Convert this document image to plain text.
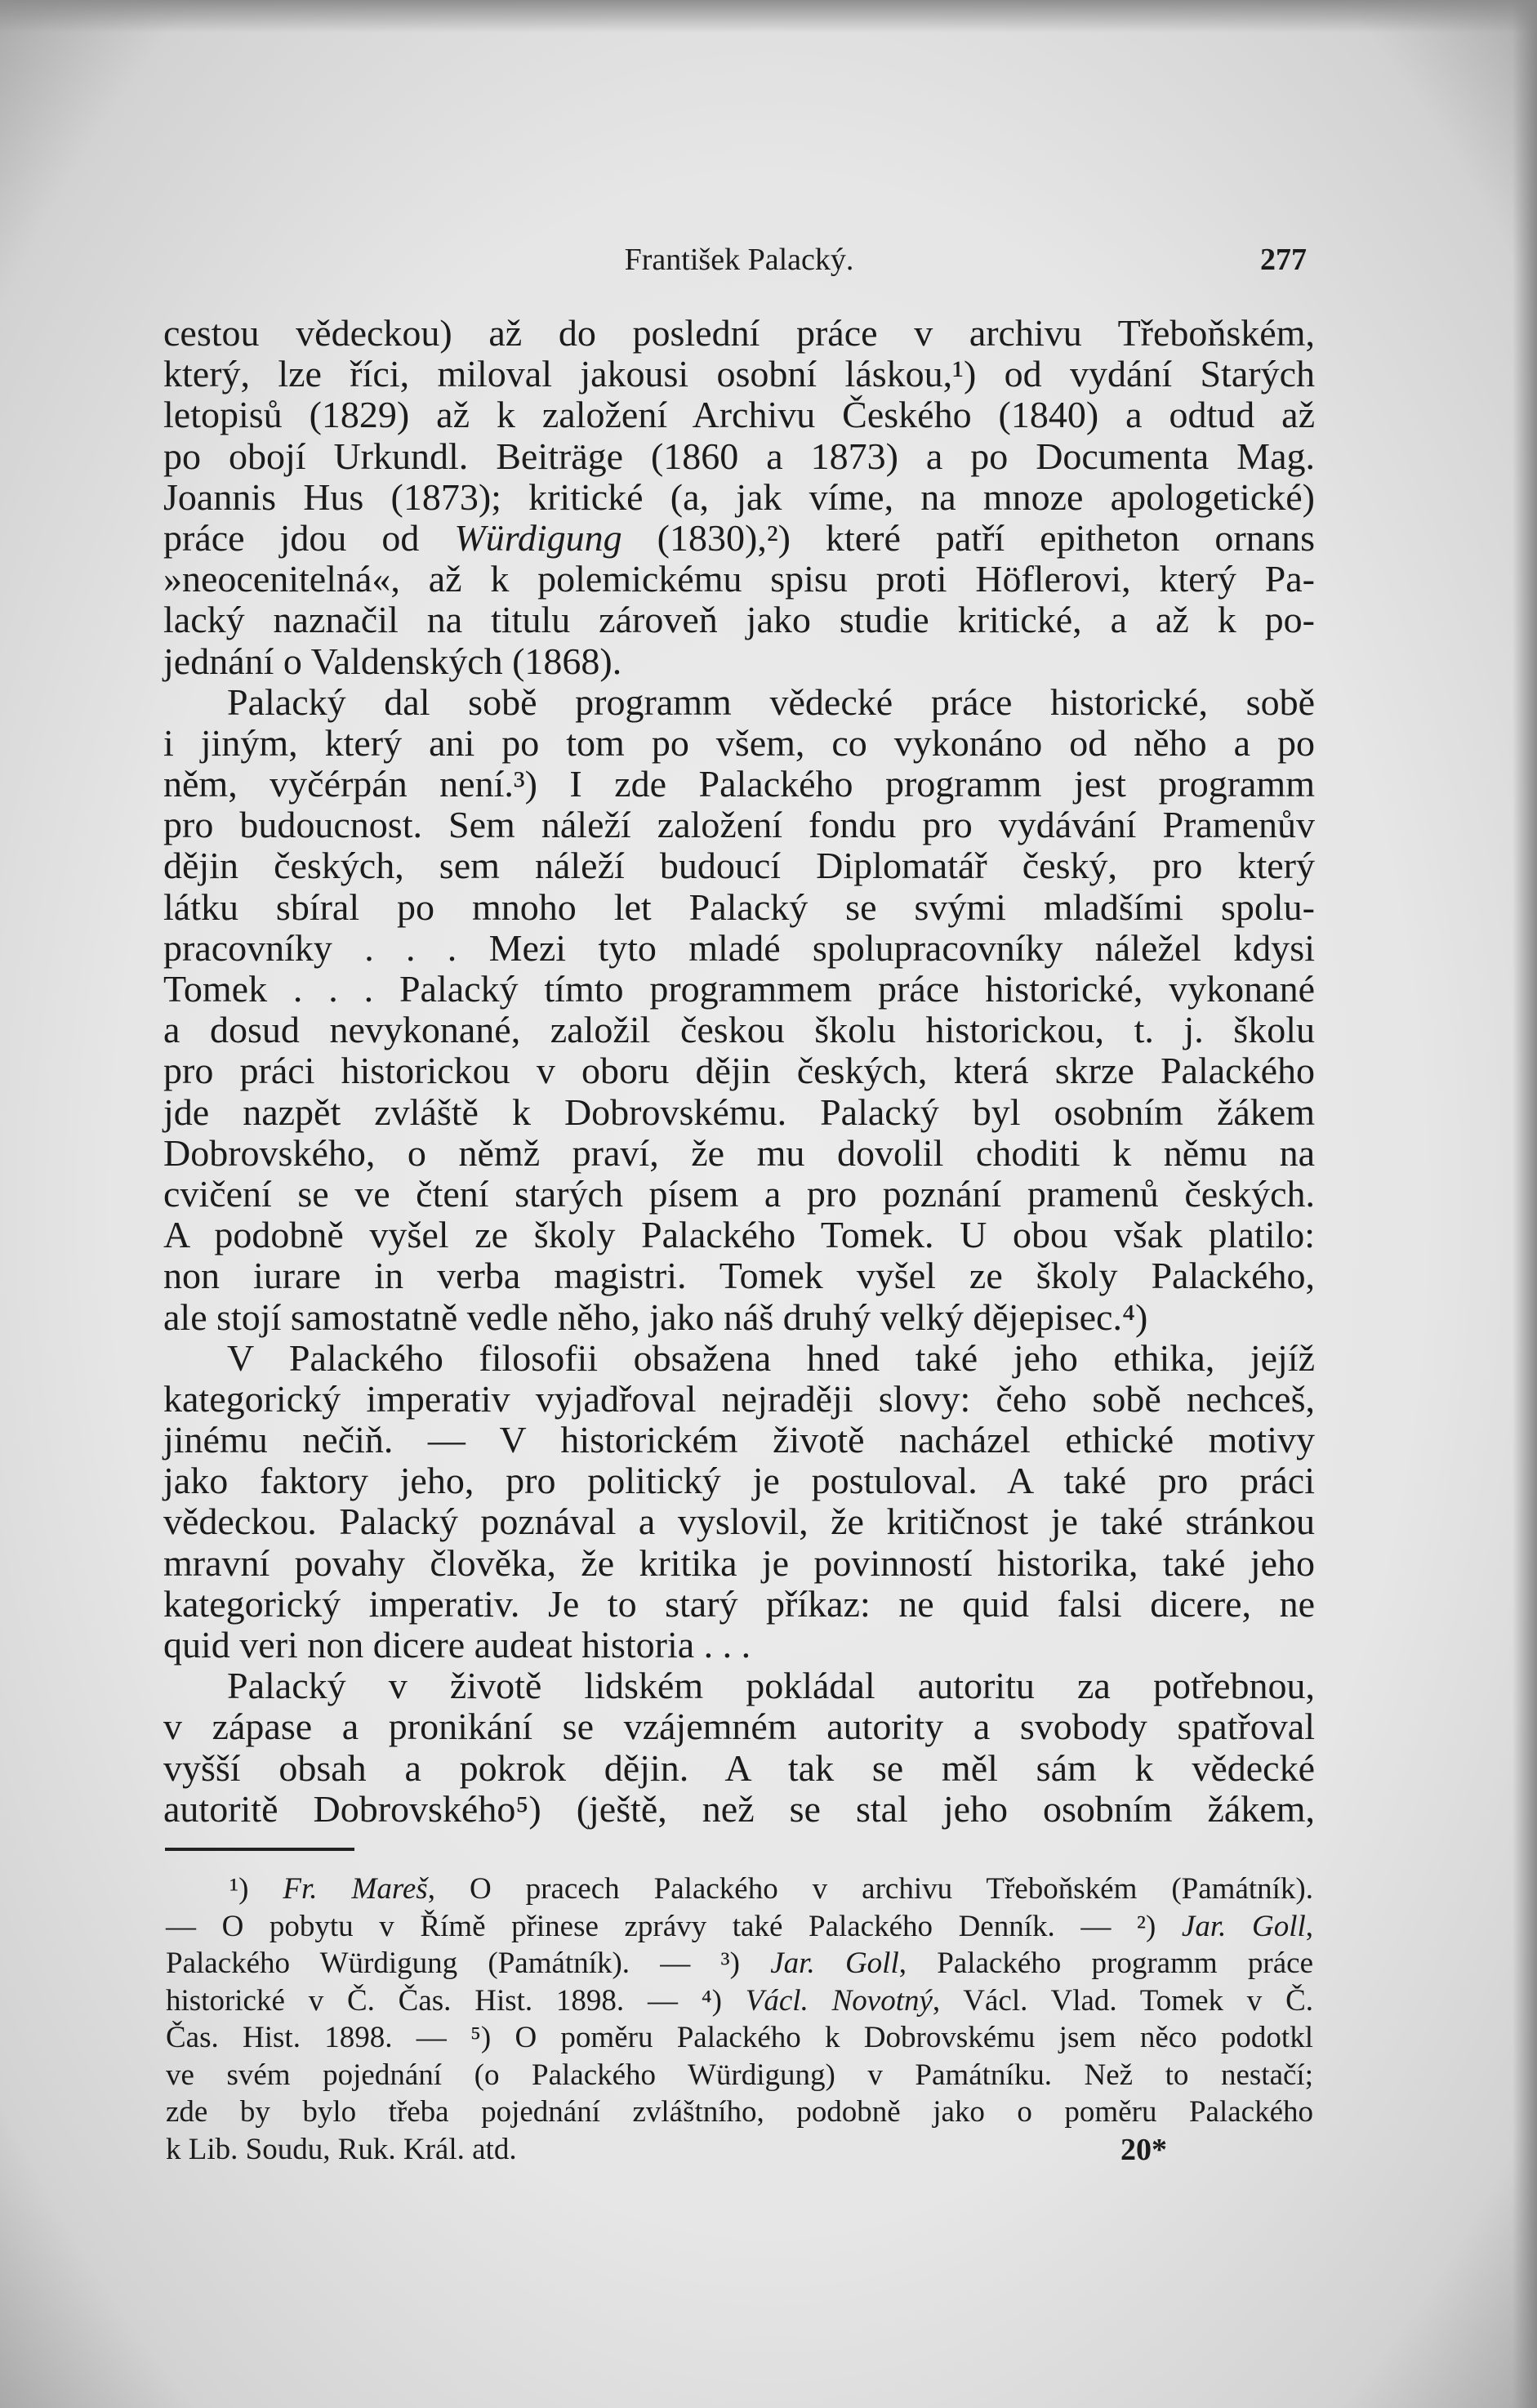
František Palacký.	277
cestou vědeckou) až do poslední práce v archivu Třeboňském,
který, lze říci, miloval jakousi osobní láskou,¹) od vydání Starých
letopisů (1829) až k založení Archivu Českého (1840) a odtud až
po obojí Urkundl. Beiträge (1860 a 1873) a po Documenta Mag.
Joannis Hus (1873); kritické (a, jak víme, na mnoze apologetické)
práce jdou od Würdigung (1830),²) které patří epitheton ornans
»neocenitelná«, až k polemickému spisu proti Höflerovi, který Pa-
lacký naznačil na titulu zároveň jako studie kritické, a až k po-
jednání o Valdenských (1868).
Palacký dal sobě programm vědecké práce historické, sobě
i jiným, který ani po tom po všem, co vykonáno od něho a po
něm, vyčérpán není.³) I zde Palackého programm jest programm
pro budoucnost. Sem náleží založení fondu pro vydávání Pramenův
dějin českých, sem náleží budoucí Diplomatář český, pro který
látku sbíral po mnoho let Palacký se svými mladšími spolu-
pracovníky . . . Mezi tyto mladé spolupracovníky náležel kdysi
Tomek . . . Palacký tímto programmem práce historické, vykonané
a dosud nevykonané, založil českou školu historickou, t. j. školu
pro práci historickou v oboru dějin českých, která skrze Palackého
jde nazpět zvláště k Dobrovskému. Palacký byl osobním žákem
Dobrovského, o němž praví, že mu dovolil choditi k němu na
cvičení se ve čtení starých písem a pro poznání pramenů českých.
A podobně vyšel ze školy Palackého Tomek. U obou však platilo:
non iurare in verba magistri. Tomek vyšel ze školy Palackého,
ale stojí samostatně vedle něho, jako náš druhý velký dějepisec.⁴)
V Palackého filosofii obsažena hned také jeho ethika, jejíž
kategorický imperativ vyjadřoval nejraději slovy: čeho sobě nechceš,
jinému nečiň. — V historickém životě nacházel ethické motivy
jako faktory jeho, pro politický je postuloval. A také pro práci
vědeckou. Palacký poznával a vyslovil, že kritičnost je také stránkou
mravní povahy člověka, že kritika je povinností historika, také jeho
kategorický imperativ. Je to starý příkaz: ne quid falsi dicere, ne
quid veri non dicere audeat historia . . .
Palacký v životě lidském pokládal autoritu za potřebnou,
v zápase a pronikání se vzájemném autority a svobody spatřoval
vyšší obsah a pokrok dějin. A tak se měl sám k vědecké
autoritě Dobrovského⁵) (ještě, než se stal jeho osobním žákem,
¹) Fr. Mareš, O pracech Palackého v archivu Třeboňském (Památník).
— O pobytu v Římě přinese zprávy také Palackého Denník. — ²) Jar. Goll,
Palackého Würdigung (Památník). — ³) Jar. Goll, Palackého programm práce
historické v Č. Čas. Hist. 1898. — ⁴) Václ. Novotný, Václ. Vlad. Tomek v Č.
Čas. Hist. 1898. — ⁵) O poměru Palackého k Dobrovskému jsem něco podotkl
ve svém pojednání (o Palackého Würdigung) v Památníku. Než to nestačí;
zde by bylo třeba pojednání zvláštního, podobně jako o poměru Palackého
k Lib. Soudu, Ruk. Král. atd.	20*
